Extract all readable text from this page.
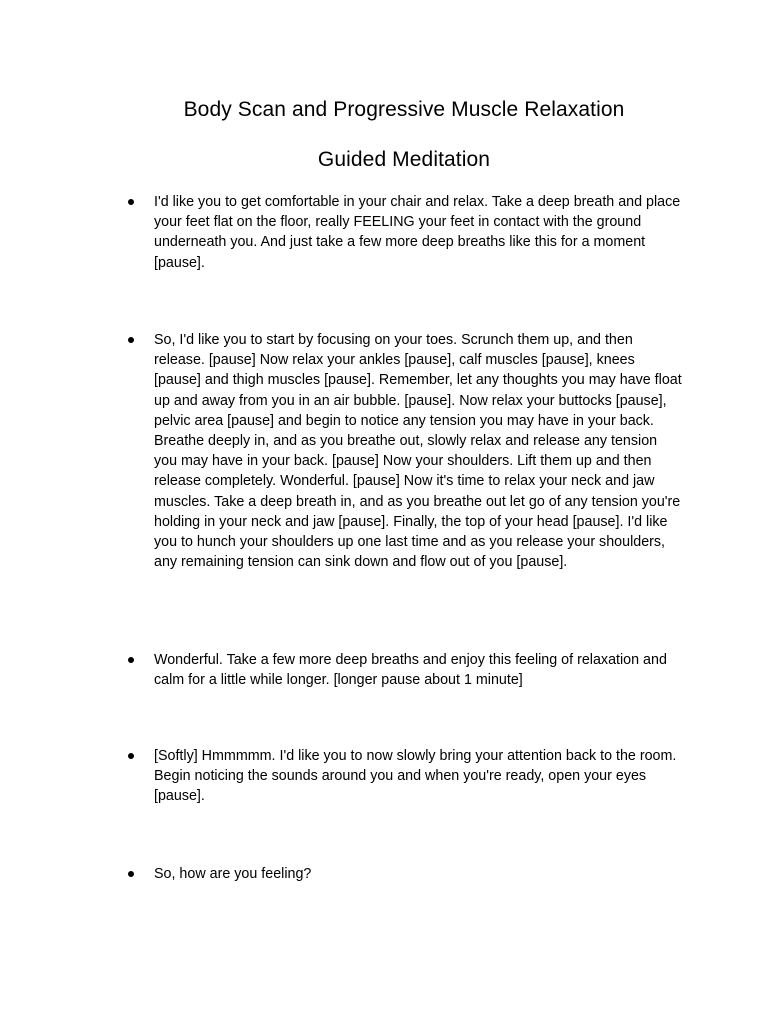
Body Scan and Progressive Muscle Relaxation
Guided Meditation

I'd like you to get comfortable in your chair and relax. Take a deep breath and place your feet flat on the floor, really FEELING your feet in contact with the ground underneath you. And just take a few more deep breaths like this for a moment [pause].

So, I'd like you to start by focusing on your toes. Scrunch them up, and then release. [pause] Now relax your ankles [pause], calf muscles [pause], knees [pause] and thigh muscles [pause]. Remember, let any thoughts you may have float up and away from you in an air bubble. [pause]. Now relax your buttocks [pause], pelvic area [pause] and begin to notice any tension you may have in your back. Breathe deeply in, and as you breathe out, slowly relax and release any tension you may have in your back. [pause] Now your shoulders. Lift them up and then release completely. Wonderful. [pause] Now it's time to relax your neck and jaw muscles. Take a deep breath in, and as you breathe out let go of any tension you're holding in your neck and jaw [pause]. Finally, the top of your head [pause]. I'd like you to hunch your shoulders up one last time and as you release your shoulders, any remaining tension can sink down and flow out of you [pause].

Wonderful. Take a few more deep breaths and enjoy this feeling of relaxation and calm for a little while longer. [longer pause about 1 minute]

[Softly] Hmmmmm. I'd like you to now slowly bring your attention back to the room. Begin noticing the sounds around you and when you're ready, open your eyes [pause].

So, how are you feeling?
